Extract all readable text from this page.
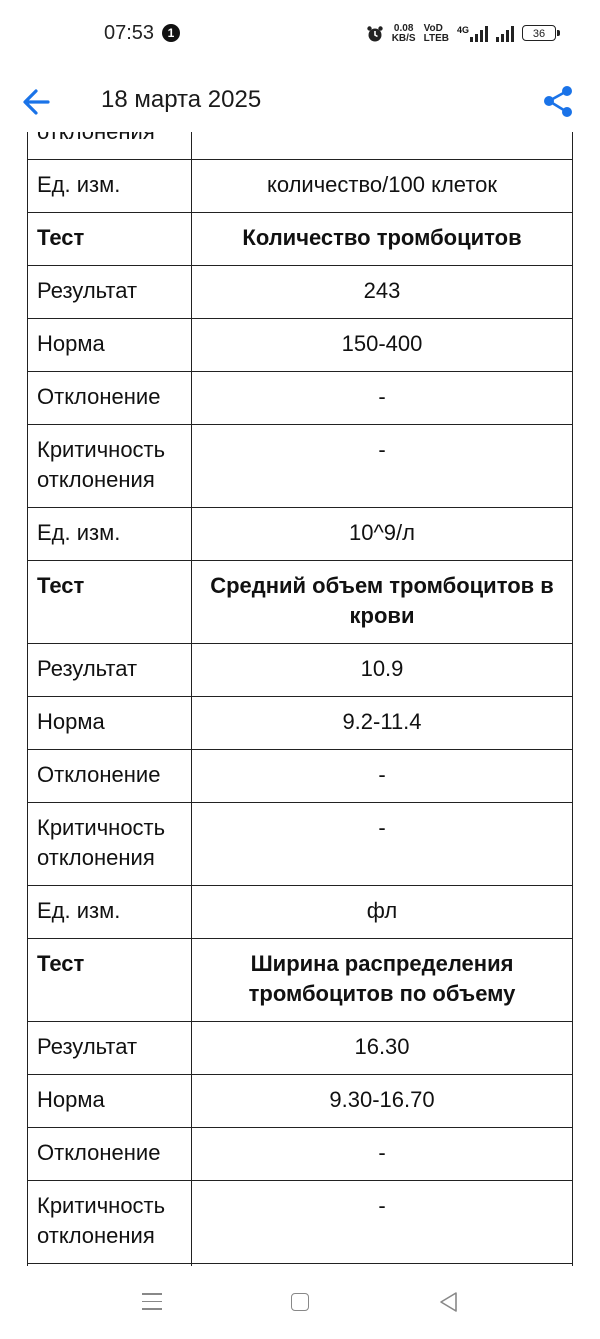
07:53	1	0.08
KB/S
VoD
LTEB
4G	36
18 марта 2025

Ед. изм.	количество/100 клеток
Тест	Количество тромбоцитов
Результат	243
Норма	150-400
Отклонение	-
Критичность отклонения	-
Ед. изм.	10^9/л
Тест	Средний объем тромбоцитов в крови
Результат	10.9
Норма	9.2-11.4
Отклонение	-
Критичность отклонения	-
Ед. изм.	фл
Тест	Ширина распределения тромбоцитов по объему
Результат	16.30
Норма	9.30-16.70
Отклонение	-
Критичность отклонения	-
